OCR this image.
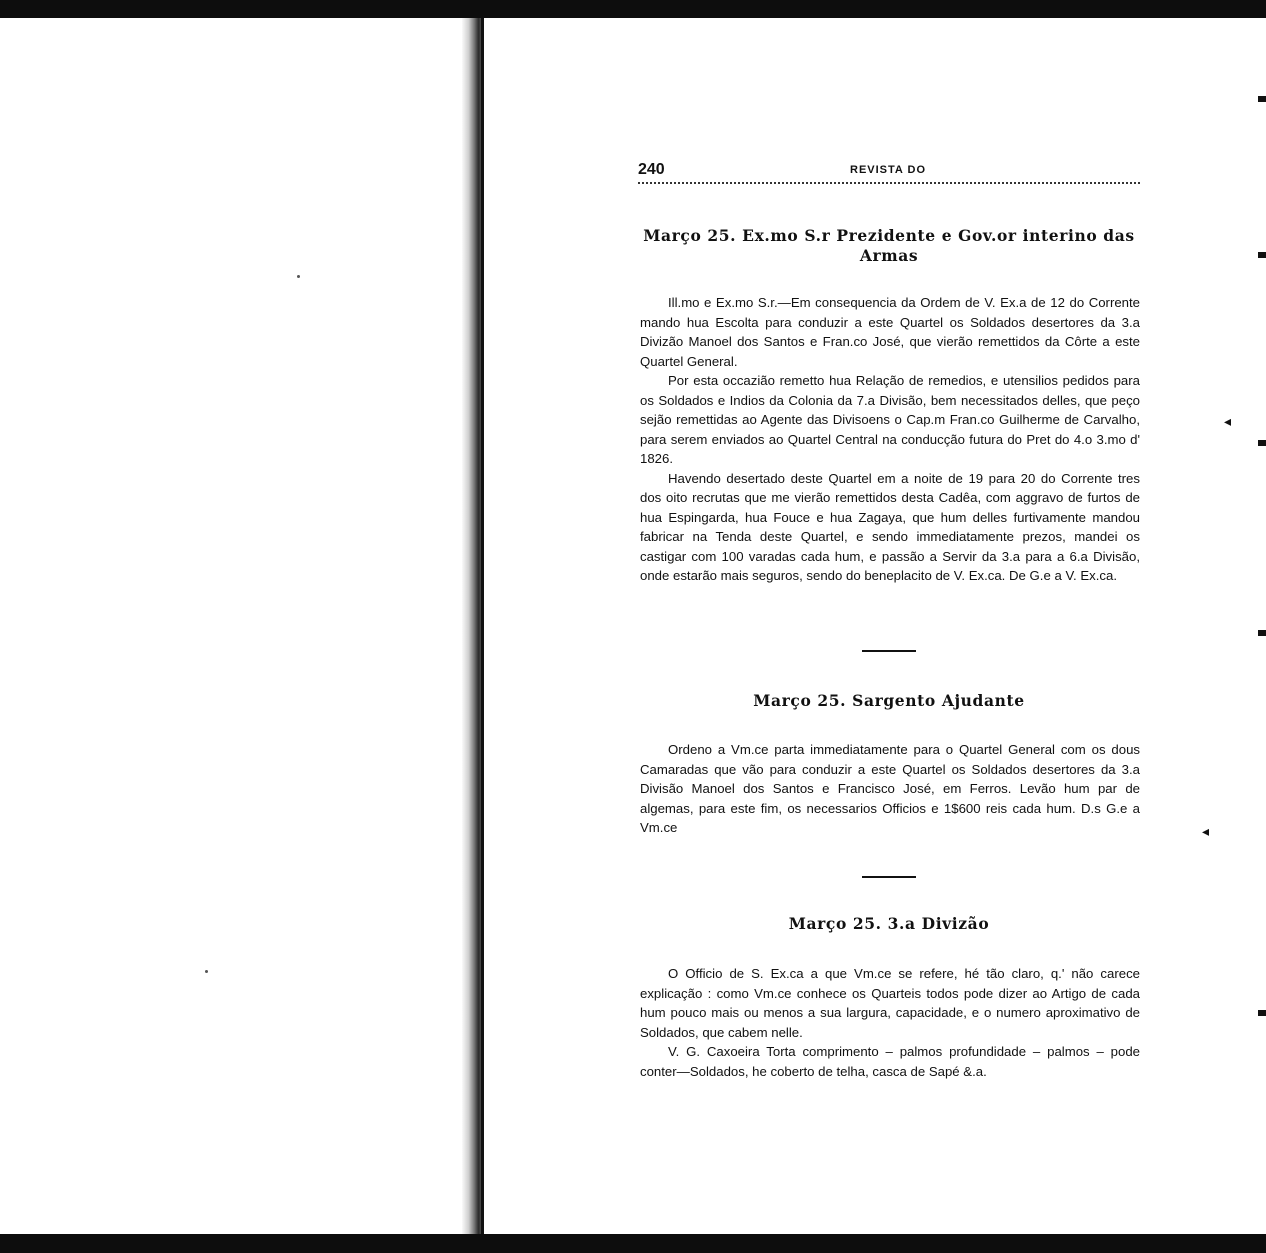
◂
◂
240	REVISTA DO
Março 25. Ex.mo S.r Prezidente e Gov.or interino das Armas

Ill.mo e Ex.mo S.r.—Em consequencia da Ordem de V. Ex.a de 12 do Corrente mando hua Escolta para conduzir a este Quartel os Soldados desertores da 3.a Divizão Manoel dos Santos e Fran.co José, que vierão remettidos da Côrte a este Quartel General.

Por esta occazião remetto hua Relação de remedios, e utensilios pedidos para os Soldados e Indios da Colonia da 7.a Divisão, bem necessitados delles, que peço sejão remettidas ao Agente das Divisoens o Cap.m Fran.co Guilherme de Carvalho, para serem enviados ao Quartel Central na conducção futura do Pret do 4.o 3.mo d' 1826.

Havendo desertado deste Quartel em a noite de 19 para 20 do Corrente tres dos oito recrutas que me vierão remettidos desta Cadêa, com aggravo de furtos de hua Espingarda, hua Fouce e hua Zagaya, que hum delles furtivamente mandou fabricar na Tenda deste Quartel, e sendo immediatamente prezos, mandei os castigar com 100 varadas cada hum, e passão a Servir da 3.a para a 6.a Divisão, onde estarão mais seguros, sendo do beneplacito de V. Ex.ca. De G.e a V. Ex.ca.

Março 25. Sargento Ajudante

Ordeno a Vm.ce parta immediatamente para o Quartel General com os dous Camaradas que vão para conduzir a este Quartel os Soldados desertores da 3.a Divisão Manoel dos Santos e Francisco José, em Ferros. Levão hum par de algemas, para este fim, os necessarios Officios e 1$600 reis cada hum. D.s G.e a Vm.ce

Março 25. 3.a Divizão

O Officio de S. Ex.ca a que Vm.ce se refere, hé tão claro, q.' não carece explicação : como Vm.ce conhece os Quarteis todos pode dizer ao Artigo de cada hum pouco mais ou menos a sua largura, capacidade, e o numero aproximativo de Soldados, que cabem nelle.

V. G. Caxoeira Torta comprimento – palmos profundidade – palmos – pode conter—Soldados, he coberto de telha, casca de Sapé &.a.
